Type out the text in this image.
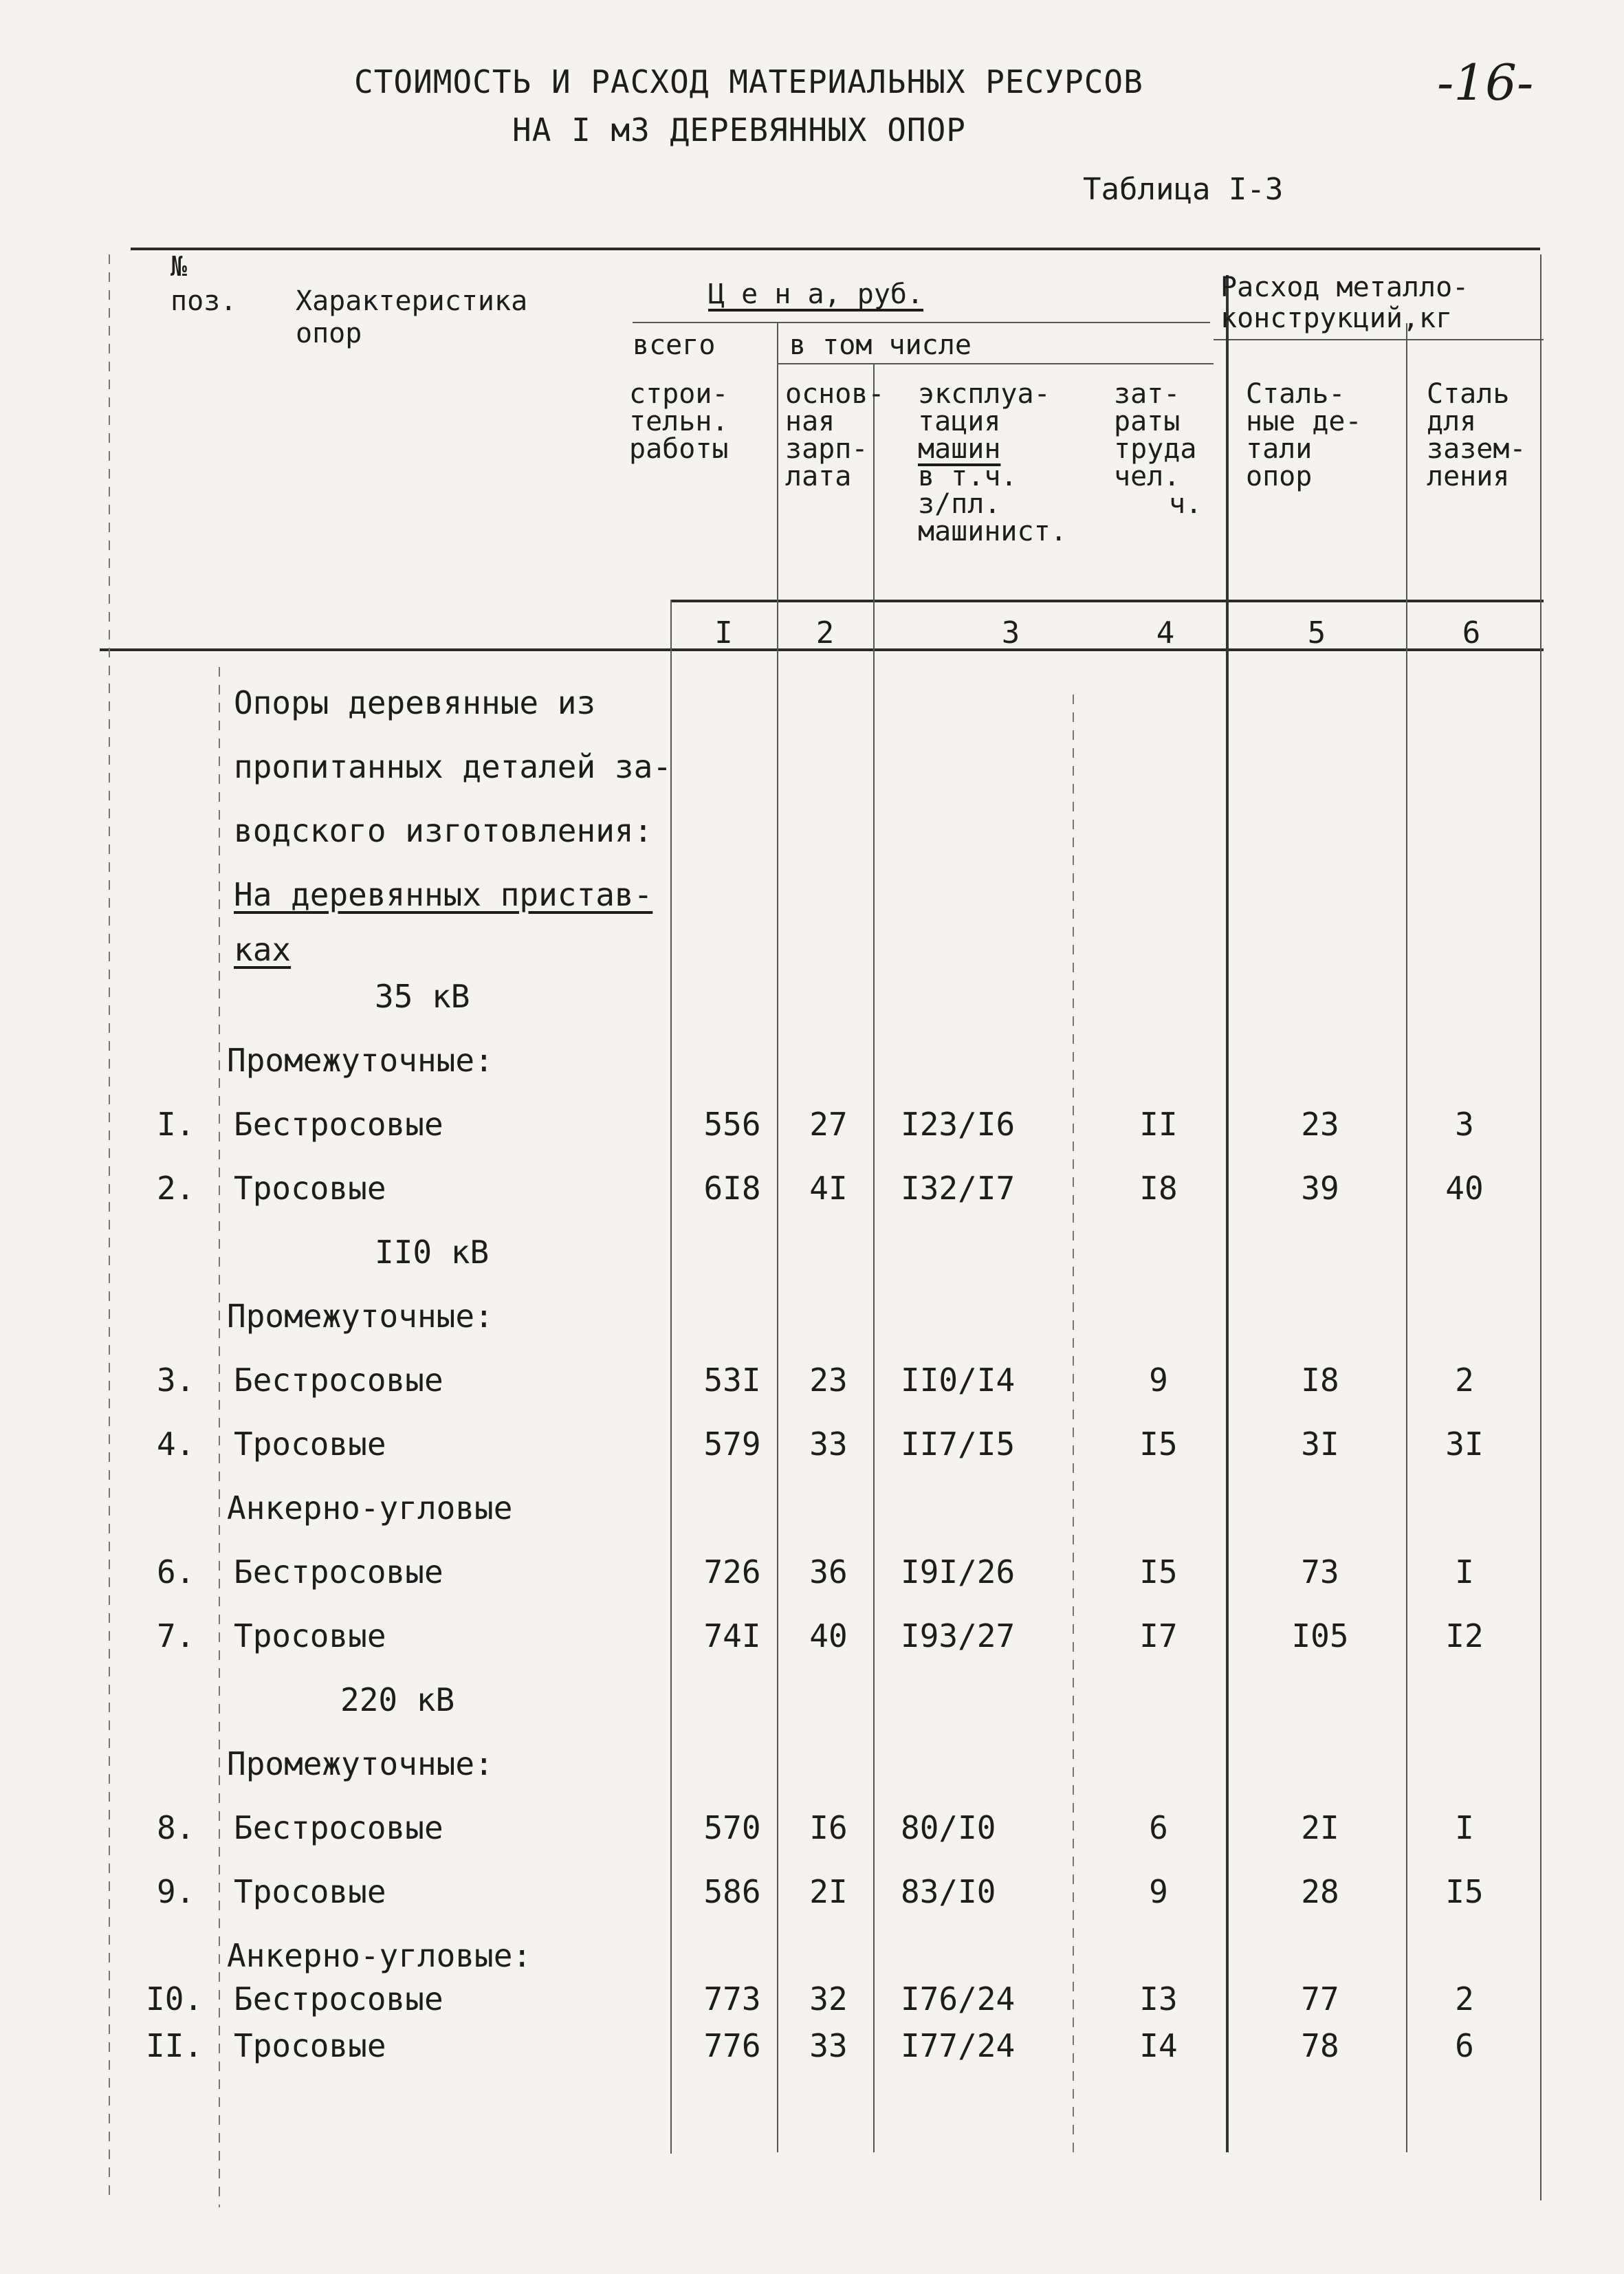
СТОИМОСТЬ И РАСХОД МАТЕРИАЛЬНЫХ РЕСУРСОВ
НА I м3 ДЕРЕВЯННЫХ ОПОР
-16-
Таблица I-3
№
поз. Характеристика
опор
Ц е н а, руб.	Расход металло-
конструкций,кг
всего	в том числе
строи-
тельн.
работы
основ-
ная
зарп-
лата
эксплуа-
тация
машин
в т.ч.
з/пл.
машинист.
зат-
раты
труда
чел.
ч.
Сталь-
ные де-
тали
опор
Сталь
для
зазем-
ления
I	2	3	4	5	6
Опоры деревянные из
пропитанных деталей за-
водского изготовления:
На деревянных пристав-
ках
35 кВ
Промежуточные:
II0 кВ
Промежуточные:
Анкерно-угловые
220 кВ
Промежуточные:
Анкерно-угловые:
I. Бестросовые	556	27	I23/I6	II	23	3
2. Тросовые	6I8	4I	I32/I7	I8	39	40
3. Бестросовые	53I	23	II0/I4	9	I8	2
4. Тросовые	579	33	II7/I5	I5	3I	3I
6. Бестросовые	726	36	I9I/26	I5	73	I
7. Тросовые	74I	40	I93/27	I7	I05	I2
8. Бестросовые	570	I6	80/I0	6	2I	I
9. Тросовые	586	2I	83/I0	9	28	I5
I0. Бестросовые	773	32	I76/24	I3	77	2
II. Тросовые	776	33	I77/24	I4	78	6
